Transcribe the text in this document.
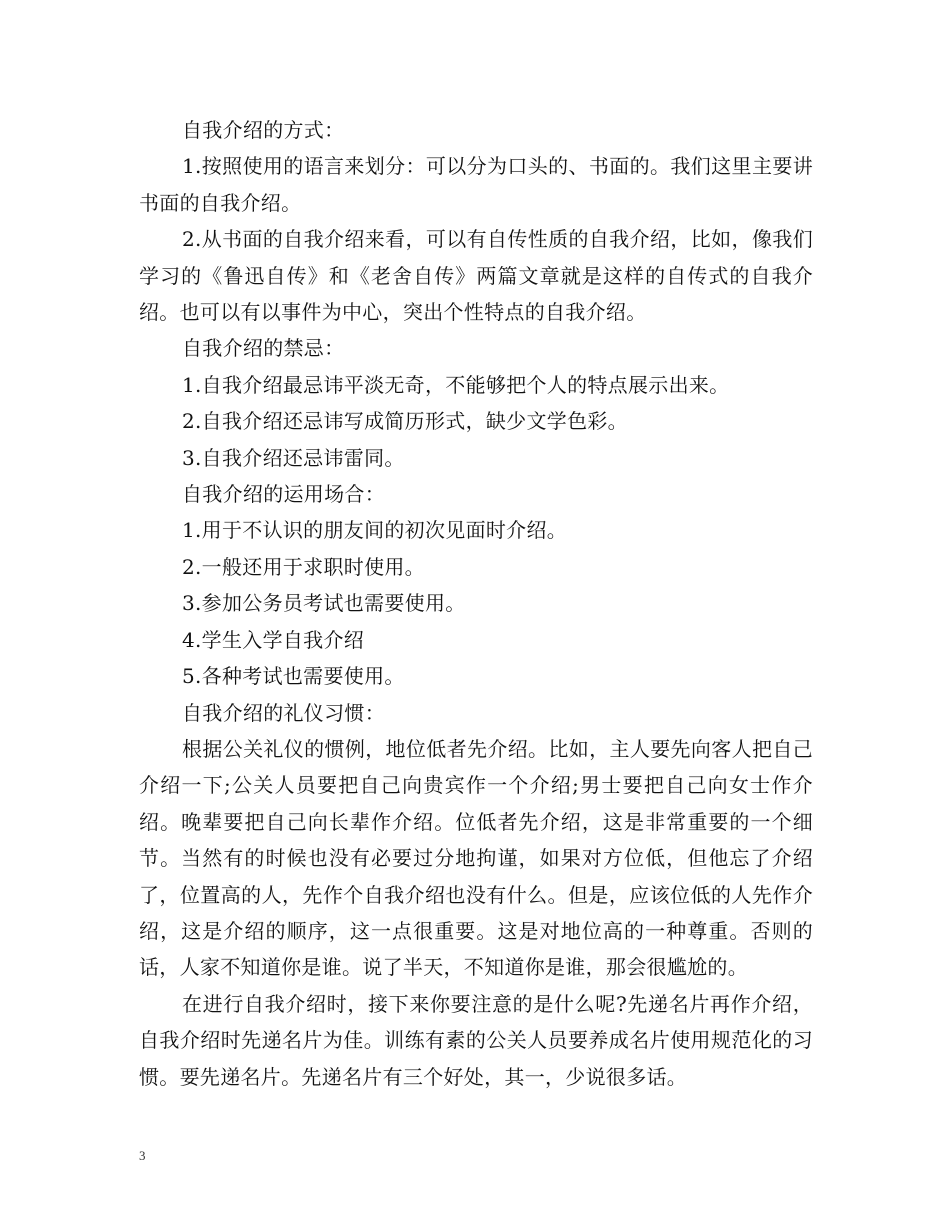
自我介绍的方式：

1.按照使用的语言来划分：可以分为口头的、书面的。我们这里主要讲书面的自我介绍。

2.从书面的自我介绍来看，可以有自传性质的自我介绍，比如，像我们学习的《鲁迅自传》和《老舍自传》两篇文章就是这样的自传式的自我介绍。也可以有以事件为中心，突出个性特点的自我介绍。

自我介绍的禁忌：

1.自我介绍最忌讳平淡无奇，不能够把个人的特点展示出来。

2.自我介绍还忌讳写成简历形式，缺少文学色彩。

3.自我介绍还忌讳雷同。

自我介绍的运用场合：

1.用于不认识的朋友间的初次见面时介绍。

2.一般还用于求职时使用。

3.参加公务员考试也需要使用。

4.学生入学自我介绍

5.各种考试也需要使用。

自我介绍的礼仪习惯：

根据公关礼仪的惯例，地位低者先介绍。比如，主人要先向客人把自己介绍一下;公关人员要把自己向贵宾作一个介绍;男士要把自己向女士作介绍。晚辈要把自己向长辈作介绍。位低者先介绍，这是非常重要的一个细节。当然有的时候也没有必要过分地拘谨，如果对方位低，但他忘了介绍了，位置高的人，先作个自我介绍也没有什么。但是，应该位低的人先作介绍，这是介绍的顺序，这一点很重要。这是对地位高的一种尊重。否则的话，人家不知道你是谁。说了半天，不知道你是谁，那会很尴尬的。

在进行自我介绍时，接下来你要注意的是什么呢?先递名片再作介绍，自我介绍时先递名片为佳。训练有素的公关人员要养成名片使用规范化的习惯。要先递名片。先递名片有三个好处，其一，少说很多话。

3
